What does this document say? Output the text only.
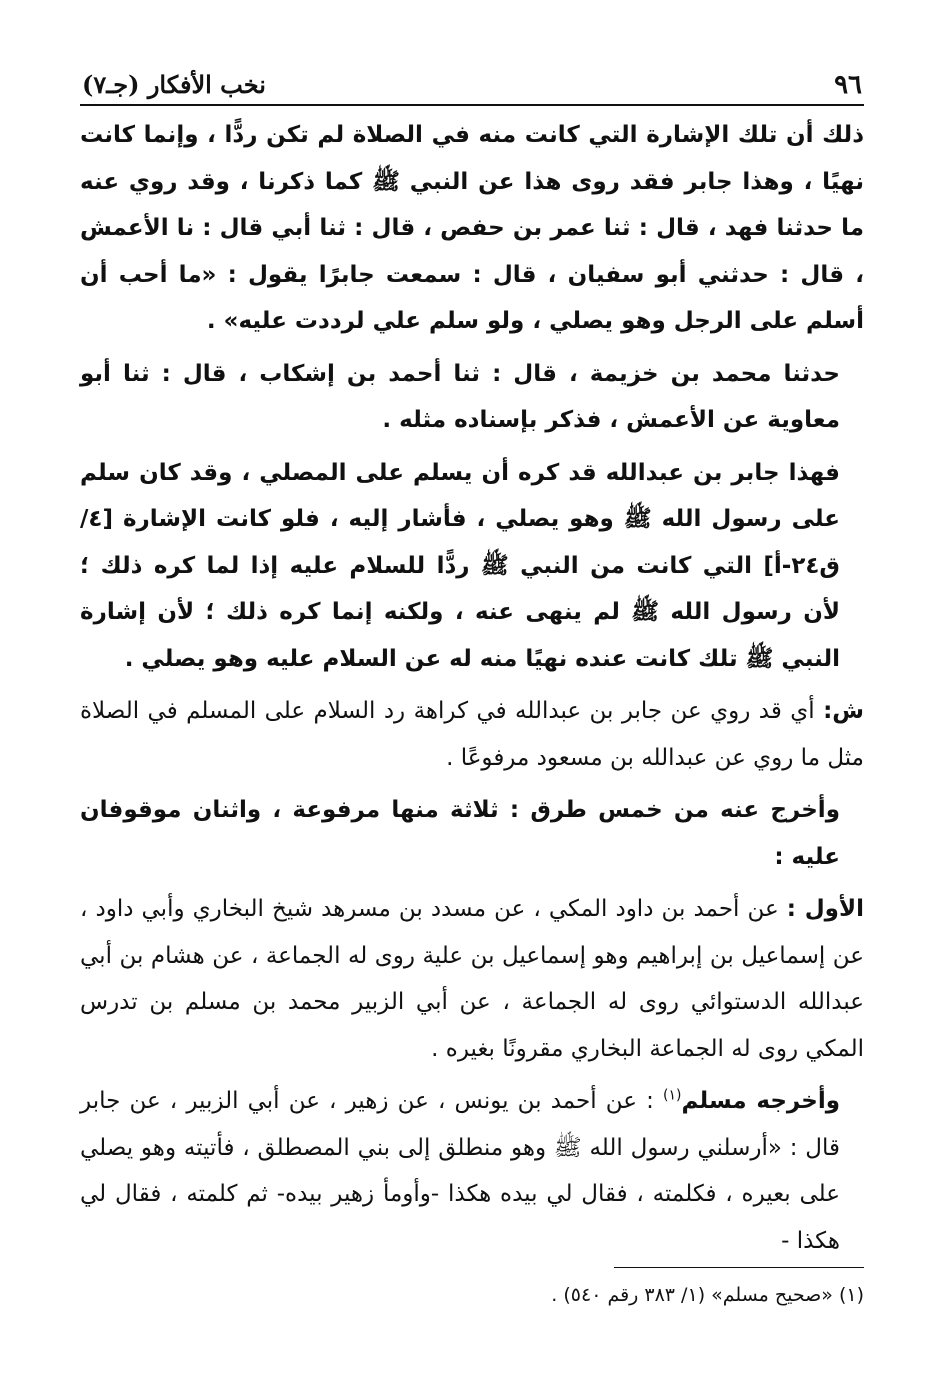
٩٦
نخب الأفكار (جـ٧)

ذلك أن تلك الإشارة التي كانت منه في الصلاة لم تكن ردًّا ، وإنما كانت نهيًا ، وهذا جابر فقد روى هذا عن النبي ﷺ كما ذكرنا ، وقد روي عنه ما حدثنا فهد ، قال : ثنا عمر بن حفص ، قال : ثنا أبي قال : نا الأعمش ، قال : حدثني أبو سفيان ، قال : سمعت جابرًا يقول : «ما أحب أن أسلم على الرجل وهو يصلي ، ولو سلم علي لرددت عليه» .

حدثنا محمد بن خزيمة ، قال : ثنا أحمد بن إشكاب ، قال : ثنا أبو معاوية عن الأعمش ، فذكر بإسناده مثله .

فهذا جابر بن عبدالله قد كره أن يسلم على المصلي ، وقد كان سلم على رسول الله ﷺ وهو يصلي ، فأشار إليه ، فلو كانت الإشارة [٤/ق٢٤-أ] التي كانت من النبي ﷺ ردًّا للسلام عليه إذا لما كره ذلك ؛ لأن رسول الله ﷺ لم ينهى عنه ، ولكنه إنما كره ذلك ؛ لأن إشارة النبي ﷺ تلك كانت عنده نهيًا منه له عن السلام عليه وهو يصلي .

ش: أي قد روي عن جابر بن عبدالله في كراهة رد السلام على المسلم في الصلاة مثل ما روي عن عبدالله بن مسعود مرفوعًا .

وأخرج عنه من خمس طرق : ثلاثة منها مرفوعة ، واثنان موقوفان عليه :

الأول : عن أحمد بن داود المكي ، عن مسدد بن مسرهد شيخ البخاري وأبي داود ، عن إسماعيل بن إبراهيم وهو إسماعيل بن علية روى له الجماعة ، عن هشام بن أبي عبدالله الدستوائي روى له الجماعة ، عن أبي الزبير محمد بن مسلم بن تدرس المكي روى له الجماعة البخاري مقرونًا بغيره .

وأخرجه مسلم$^{(١)}$ : عن أحمد بن يونس ، عن زهير ، عن أبي الزبير ، عن جابر قال : «أرسلني رسول الله ﷺ وهو منطلق إلى بني المصطلق ، فأتيته وهو يصلي على بعيره ، فكلمته ، فقال لي بيده هكذا -وأومأ زهير بيده- ثم كلمته ، فقال لي هكذا -

(١) «صحيح مسلم» (١/ ٣٨٣ رقم ٥٤٠) .
